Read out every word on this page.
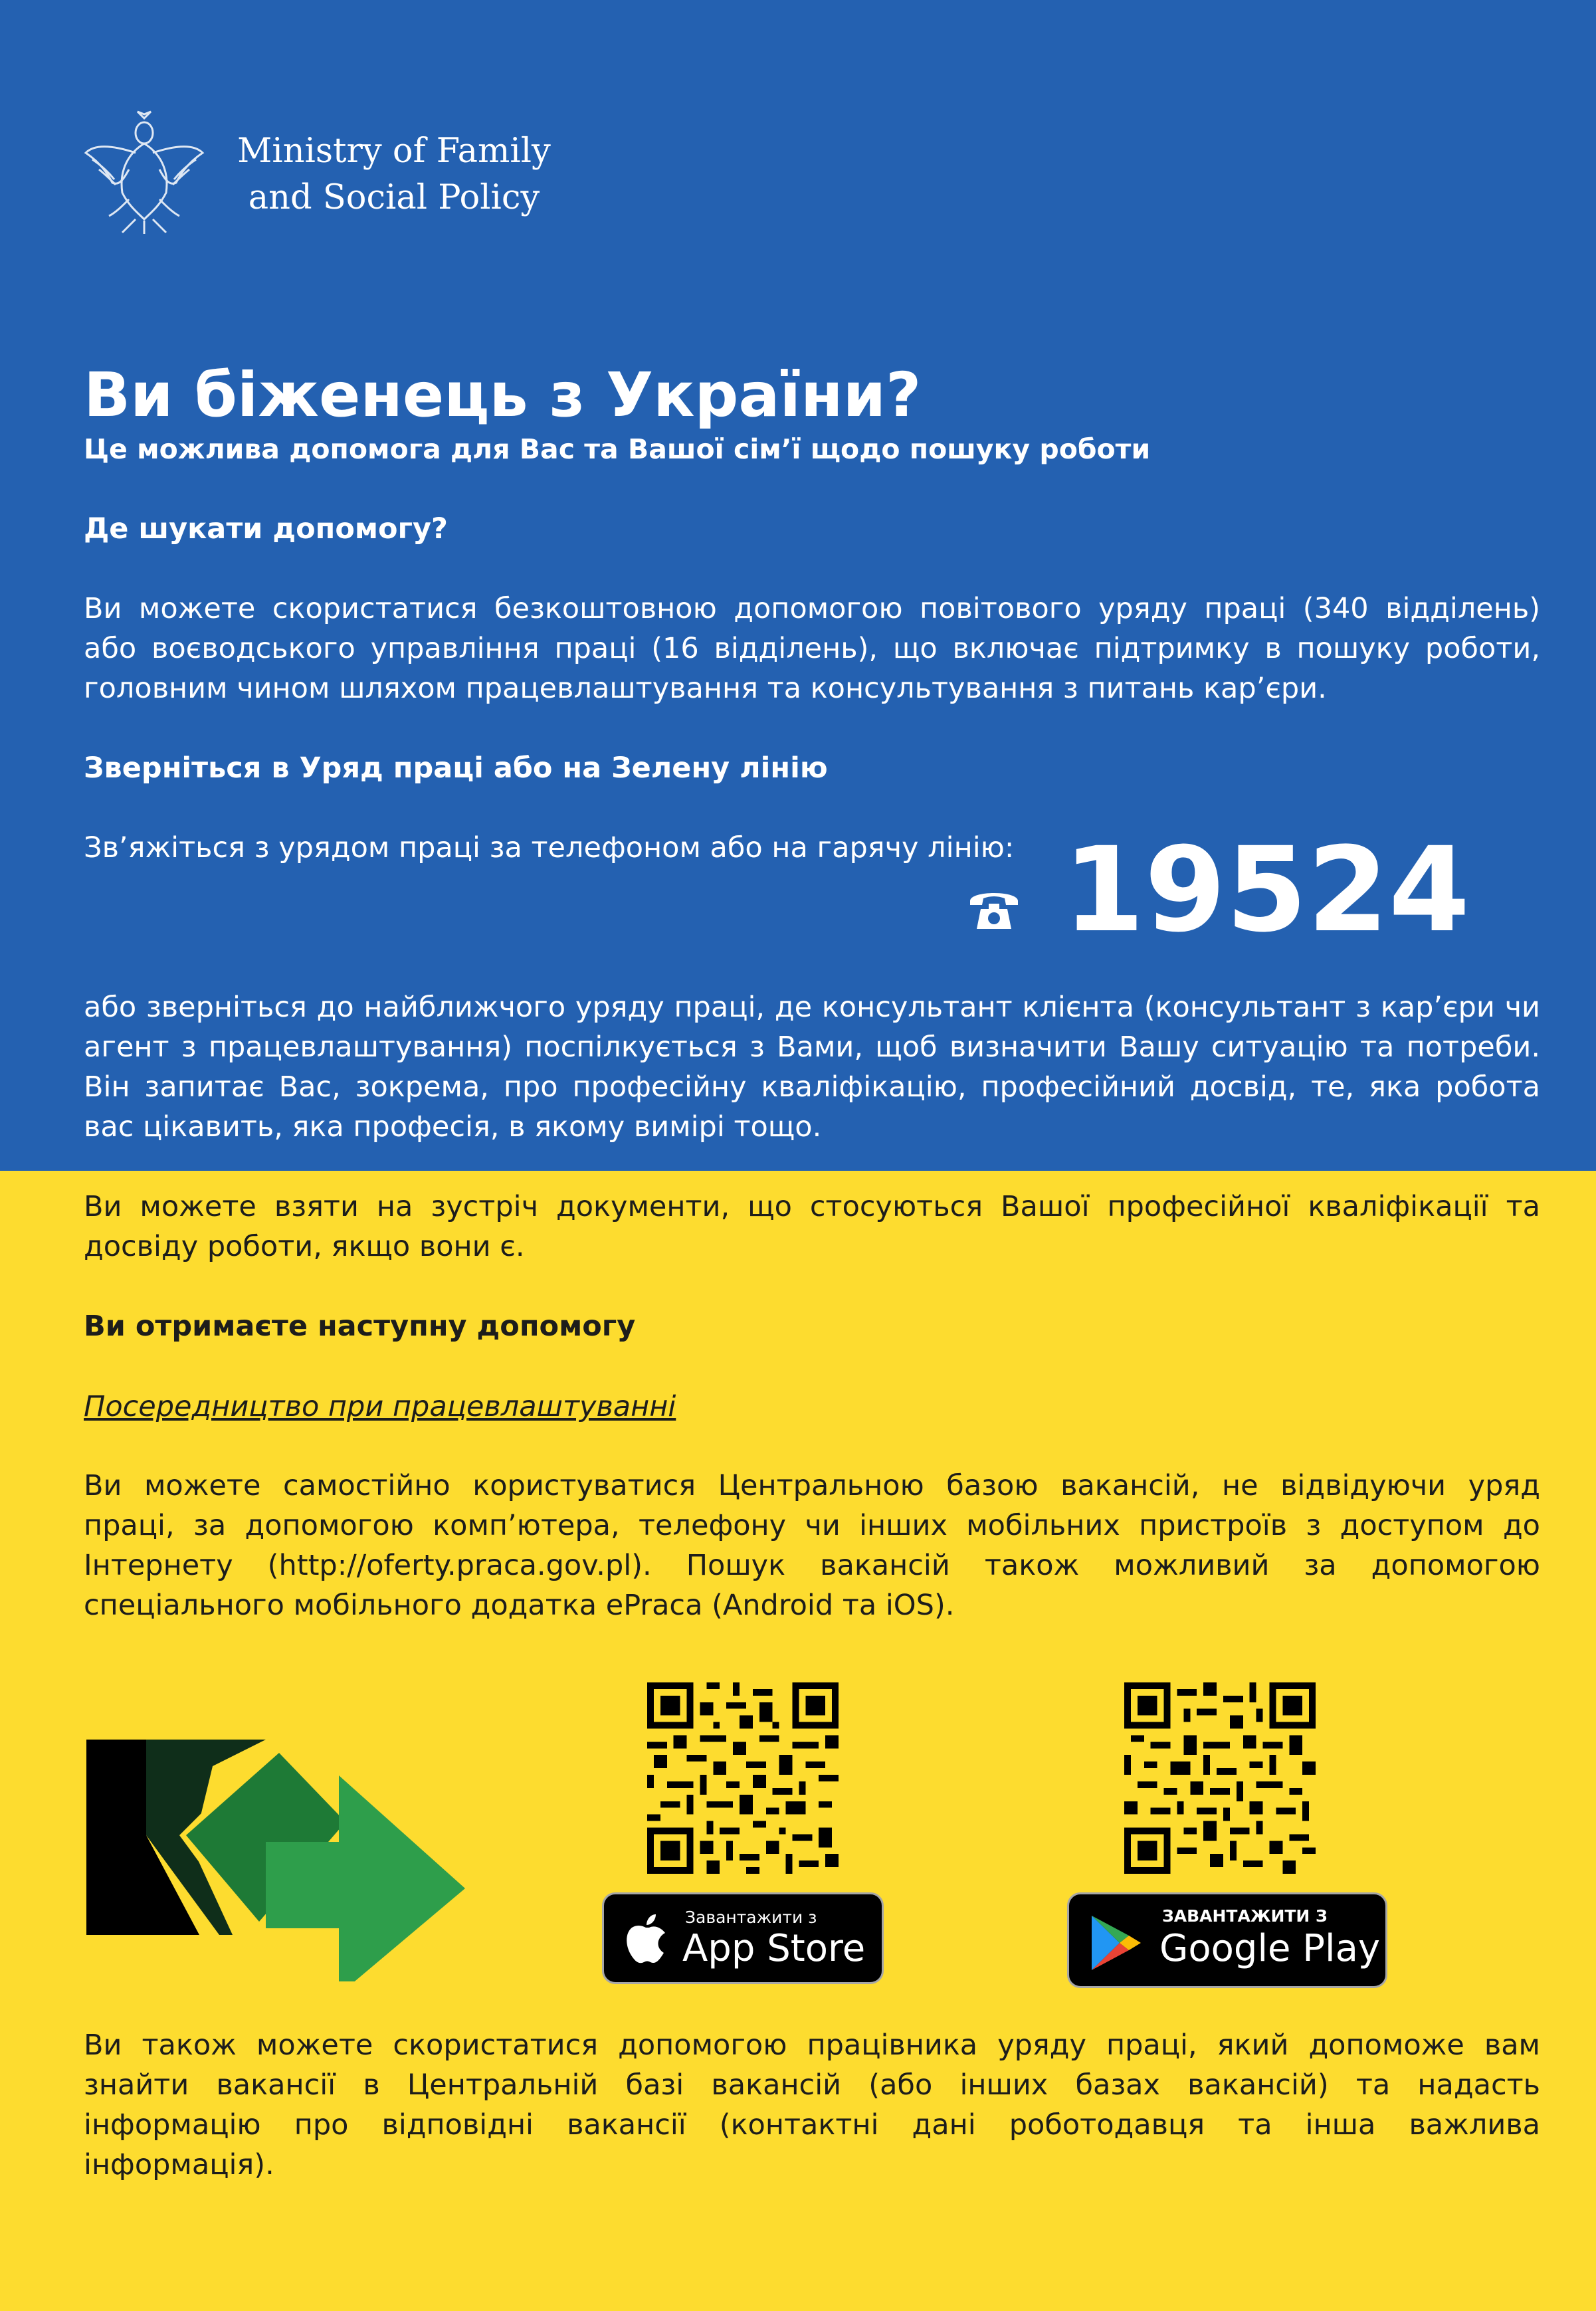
Ministry of Family
and Social Policy
Ви біженець з України?
Це можлива допомога для Вас та Вашої сім’ї щодо пошуку роботи
Де шукати допомогу?
Ви можете скористатися безкоштовною допомогою повітового уряду праці (340 відділень)
або воєводського управління праці (16 відділень), що включає підтримку в пошуку роботи,
головним чином шляхом працевлаштування та консультування з питань кар’єри.
Зверніться в Уряд праці або на Зелену лінію
Зв’яжіться з урядом праці за телефоном або на гарячу лінію: 19524
або зверніться до найближчого уряду праці, де консультант клієнта (консультант з кар’єри чи
агент з працевлаштування) поспілкується з Вами, щоб визначити Вашу ситуацію та потреби.
Він запитає Вас, зокрема, про професійну кваліфікацію, професійний досвід, те, яка робота
вас цікавить, яка професія, в якому вимірі тощо.
Ви можете взяти на зустріч документи, що стосуються Вашої професійної кваліфікації та
досвіду роботи, якщо вони є.
Ви отримаєте наступну допомогу
Посередництво при працевлаштуванні
Ви можете самостійно користуватися Центральною базою вакансій, не відвідуючи уряд
праці, за допомогою комп’ютера, телефону чи інших мобільних пристроїв з доступом до
Інтернету (http://oferty.praca.gov.pl). Пошук вакансій також можливий за допомогою
спеціального мобільного додатка ePraca (Android та iOS).
Завантажити з
App Store
ЗАВАНТАЖИТИ З
Google Play
Ви також можете скористатися допомогою працівника уряду праці, який допоможе вам
знайти вакансії в Центральній базі вакансій (або інших базах вакансій) та надасть
інформацію про відповідні вакансії (контактні дані роботодавця та інша важлива
інформація).
